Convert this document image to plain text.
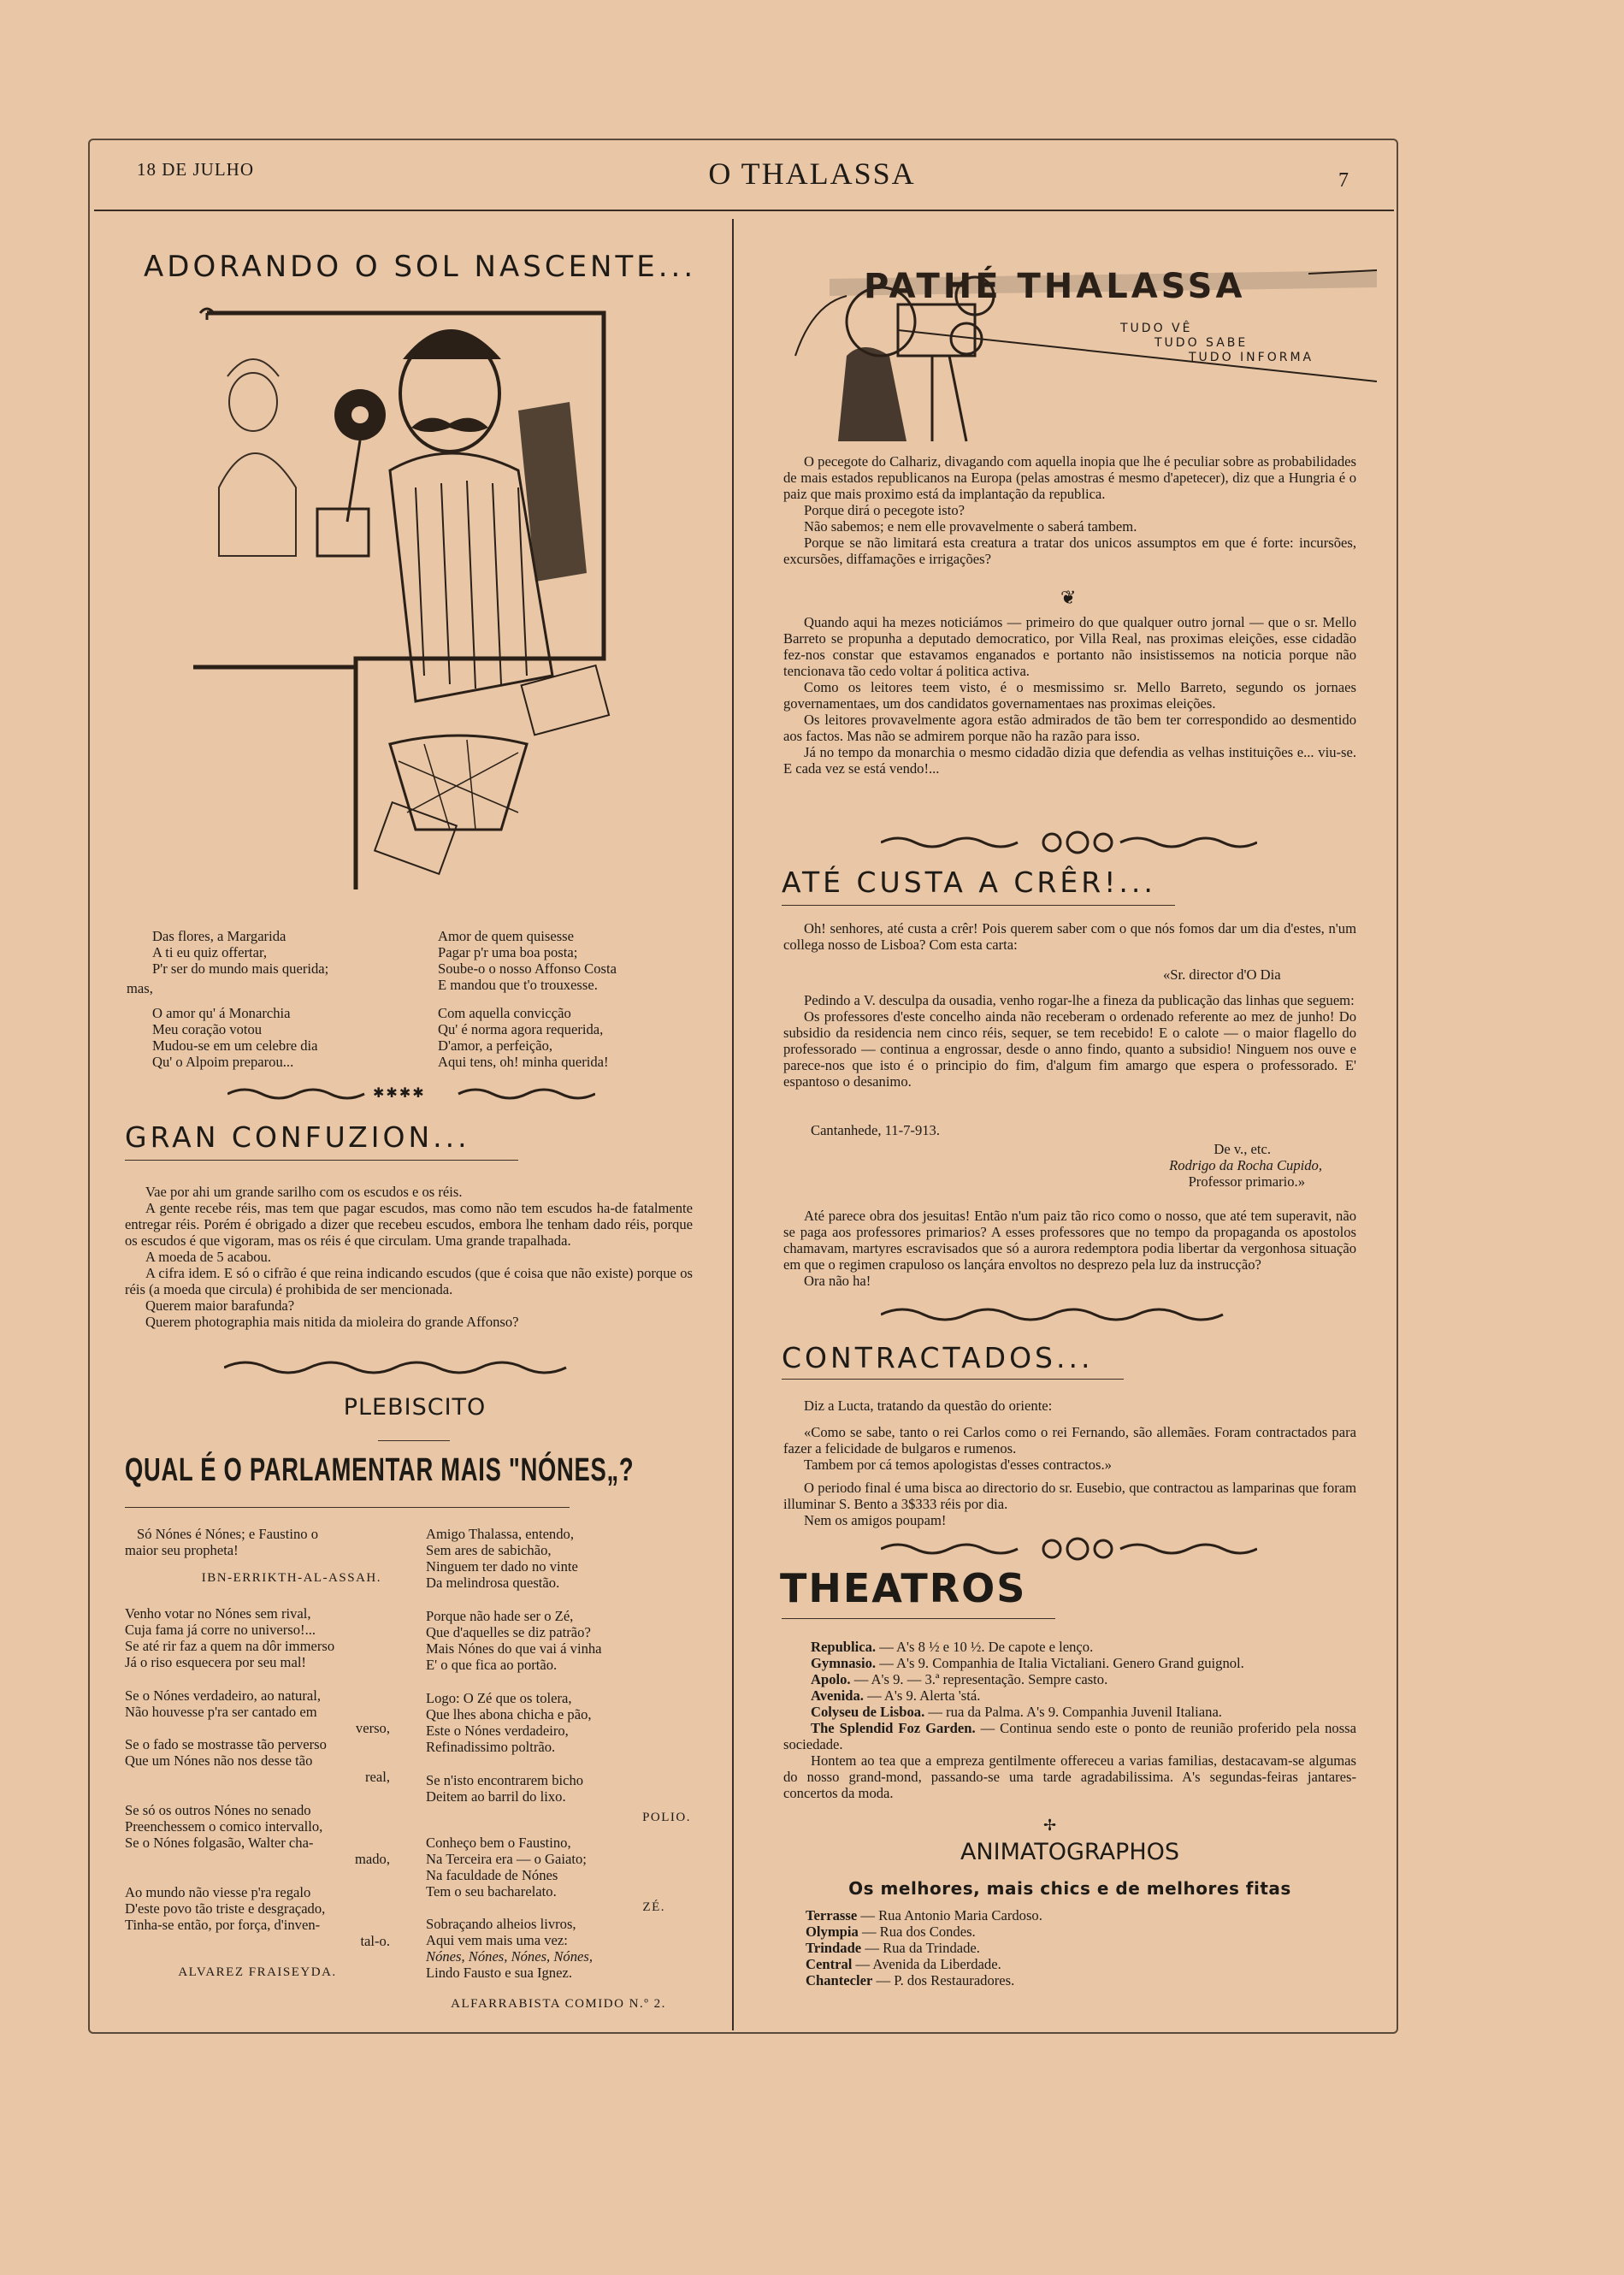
18 DE JULHO	O THALASSA	7
ADORANDO O SOL NASCENTE...
Das flores, a Margarida
A ti eu quiz offertar,
P'r ser do mundo mais querida;
mas,
O amor qu' á Monarchia
Meu coração votou
Mudou-se em um celebre dia
Qu' o Alpoim preparou...
Amor de quem quisesse
Pagar p'r uma boa posta;
Soube-o o nosso Affonso Costa
E mandou que t'o trouxesse.
Com aquella convicção
Qu' é norma agora requerida,
D'amor, a perfeição,
Aqui tens, oh! minha querida!
✱✱✱✱
GRAN CONFUZION...
Vae por ahi um grande sarilho com os escudos e os réis.
A gente recebe réis, mas tem que pagar escudos, mas como não tem escudos ha-de fatalmente entregar réis. Porém é obrigado a dizer que recebeu escudos, embora lhe tenham dado réis, porque os escudos é que vigoram, mas os réis é que circulam. Uma grande trapalhada.
A moeda de 5 acabou.
A cifra idem. E só o cifrão é que reina indicando escudos (que é coisa que não existe) porque os réis (a moeda que circula) é prohibida de ser mencionada.
Querem maior barafunda?
Querem photographia mais nitida da mioleira do grande Affonso?
PLEBISCITO
QUAL É O PARLAMENTAR MAIS "NÓNES„?
Só Nónes é Nónes; e Faustino o
maior seu propheta!
IBN-ERRIKTH-AL-ASSAH.
Venho votar no Nónes sem rival,
Cuja fama já corre no universo!...
Se até rir faz a quem na dôr immerso
Já o riso esquecera por seu mal!
Se o Nónes verdadeiro, ao natural,
Não houvesse p'ra ser cantado em
verso,
Se o fado se mostrasse tão perverso
Que um Nónes não nos desse tão
real,
Se só os outros Nónes no senado
Preenchessem o comico intervallo,
Se o Nónes folgasão, Walter cha-
mado,
Ao mundo não viesse p'ra regalo
D'este povo tão triste e desgraçado,
Tinha-se então, por força, d'inven-
tal-o.
ALVAREZ FRAISEYDA.
Amigo Thalassa, entendo,
Sem ares de sabichão,
Ninguem ter dado no vinte
Da melindrosa questão.
Porque não hade ser o Zé,
Que d'aquelles se diz patrão?
Mais Nónes do que vai á vinha
E' o que fica ao portão.
Logo: O Zé que os tolera,
Que lhes abona chicha e pão,
Este o Nónes verdadeiro,
Refinadissimo poltrão.
Se n'isto encontrarem bicho
Deitem ao barril do lixo.
POLIO.
Conheço bem o Faustino,
Na Terceira era — o Gaiato;
Na faculdade de Nónes
Tem o seu bacharelato.
ZÉ.
Sobraçando alheios livros,
Aqui vem mais uma vez:
Nónes, Nónes, Nónes, Nónes,
Lindo Fausto e sua Ignez.
ALFARRABISTA COMIDO N.º 2.
PATHÉ THALASSA
TUDO VÊ
TUDO SABE
TUDO INFORMA
O pecegote do Calhariz, divagando com aquella inopia que lhe é peculiar sobre as probabilidades de mais estados republicanos na Europa (pelas amostras é mesmo d'apetecer), diz que a Hungria é o paiz que mais proximo está da implantação da republica.
Porque dirá o pecegote isto?
Não sabemos; e nem elle provavelmente o saberá tambem.
Porque se não limitará esta creatura a tratar dos unicos assumptos em que é forte: incursões, excursões, diffamações e irrigações?
❦
Quando aqui ha mezes noticiámos — primeiro do que qualquer outro jornal — que o sr. Mello Barreto se propunha a deputado democratico, por Villa Real, nas proximas eleições, esse cidadão fez-nos constar que estavamos enganados e portanto não insistissemos na noticia porque não tencionava tão cedo voltar á politica activa.
Como os leitores teem visto, é o mesmissimo sr. Mello Barreto, segundo os jornaes governamentaes, um dos candidatos governamentaes nas proximas eleições.
Os leitores provavelmente agora estão admirados de tão bem ter correspondido ao desmentido aos factos. Mas não se admirem porque não ha razão para isso.
Já no tempo da monarchia o mesmo cidadão dizia que defendia as velhas instituições e... viu-se. E cada vez se está vendo!...
ATÉ CUSTA A CRÊR!...
Oh! senhores, até custa a crêr! Pois querem saber com o que nós fomos dar um dia d'estes, n'um collega nosso de Lisboa? Com esta carta:
«Sr. director d'O Dia
Pedindo a V. desculpa da ousadia, venho rogar-lhe a fineza da publicação das linhas que seguem:
Os professores d'este concelho ainda não receberam o ordenado referente ao mez de junho! Do subsidio da residencia nem cinco réis, sequer, se tem recebido! E o calote — o maior flagello do professorado — continua a engrossar, desde o anno findo, quanto a subsidio! Ninguem nos ouve e parece-nos que isto é o principio do fim, d'algum fim amargo que espera o professorado. E' espantoso o desanimo.
Cantanhede, 11-7-913.
De v., etc.
Rodrigo da Rocha Cupido,
Professor primario.»
Até parece obra dos jesuitas! Então n'um paiz tão rico como o nosso, que até tem superavit, não se paga aos professores primarios? A esses professores que no tempo da propaganda os apostolos chamavam, martyres escravisados que só a aurora redemptora podia libertar da vergonhosa situação em que o regimen crapuloso os lançára envoltos no desprezo pela luz da instrucção?
Ora não ha!
CONTRACTADOS...
Diz a Lucta, tratando da questão do oriente:
«Como se sabe, tanto o rei Carlos como o rei Fernando, são allemães. Foram contractados para fazer a felicidade de bulgaros e rumenos.
Tambem por cá temos apologistas d'esses contractos.»
O periodo final é uma bisca ao directorio do sr. Eusebio, que contractou as lamparinas que foram illuminar S. Bento a 3$333 réis por dia.
Nem os amigos poupam!
THEATROS
Republica. — A's 8 ½ e 10 ½. De capote e lenço.
Gymnasio. — A's 9. Companhia de Italia Victaliani. Genero Grand guignol.
Apolo. — A's 9. — 3.ª representação. Sempre casto.
Avenida. — A's 9. Alerta 'stá.
Colyseu de Lisboa. — rua da Palma. A's 9. Companhia Juvenil Italiana.
The Splendid Foz Garden. — Continua sendo este o ponto de reunião proferido pela nossa sociedade.
Hontem ao tea que a empreza gentilmente offereceu a varias familias, destacavam-se algumas do nosso grand-mond, passando-se uma tarde agradabilissima. A's segundas-feiras jantares-concertos da moda.
✢
ANIMATOGRAPHOS
Os melhores, mais chics e de melhores fitas
Terrasse — Rua Antonio Maria Cardoso.
Olympia — Rua dos Condes.
Trindade — Rua da Trindade.
Central — Avenida da Liberdade.
Chantecler — P. dos Restauradores.
